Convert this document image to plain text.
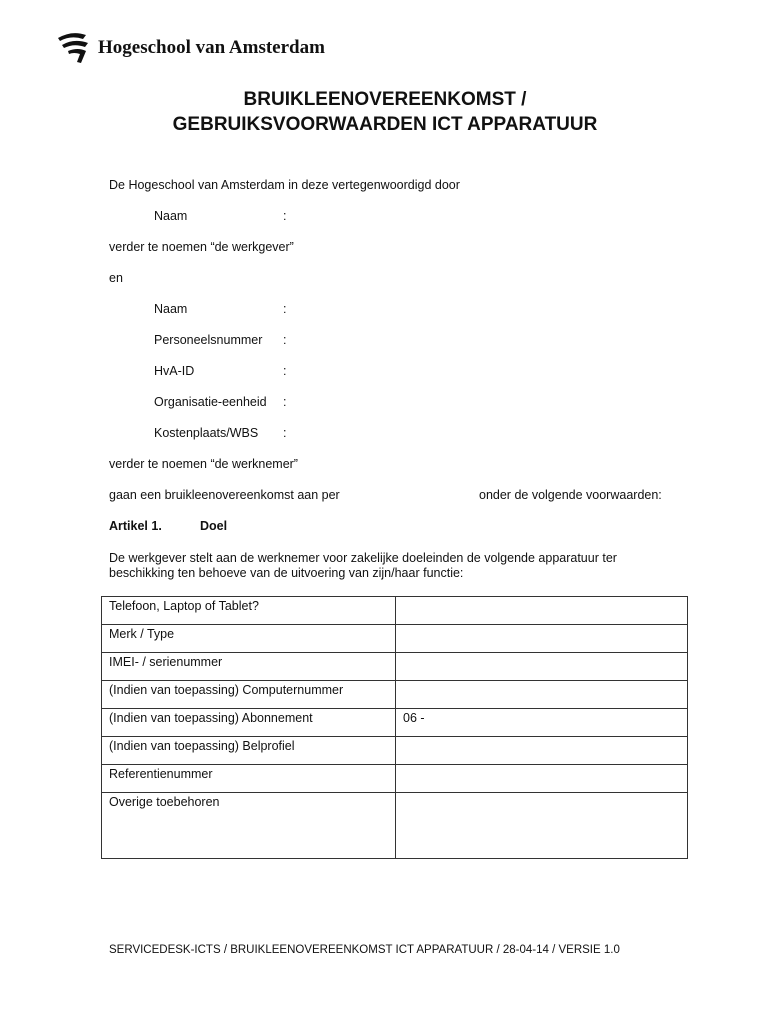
Hogeschool van Amsterdam
BRUIKLEENOVEREENKOMST /
GEBRUIKSVOORWAARDEN ICT APPARATUUR
De Hogeschool van Amsterdam in deze vertegenwoordigd door
Naam	:
verder te noemen “de werkgever”
en
Naam	:
Personeelsnummer :
HvA-ID	:
Organisatie-eenheid :
Kostenplaats/WBS :
verder te noemen “de werknemer”
gaan een bruikleenovereenkomst aan per	onder de volgende voorwaarden:
Artikel 1.	Doel
De werkgever stelt aan de werknemer voor zakelijke doeleinden de volgende apparatuur ter
beschikking ten behoeve van de uitvoering van zijn/haar functie:
Telefoon, Laptop of Tablet?	
Merk / Type	
IMEI- / serienummer	
(Indien van toepassing) Computernummer	
(Indien van toepassing) Abonnement	06 -
(Indien van toepassing) Belprofiel	
Referentienummer	
Overige toebehoren	
SERVICEDESK-ICTS / BRUIKLEENOVEREENKOMST ICT APPARATUUR / 28-04-14 / VERSIE 1.0
